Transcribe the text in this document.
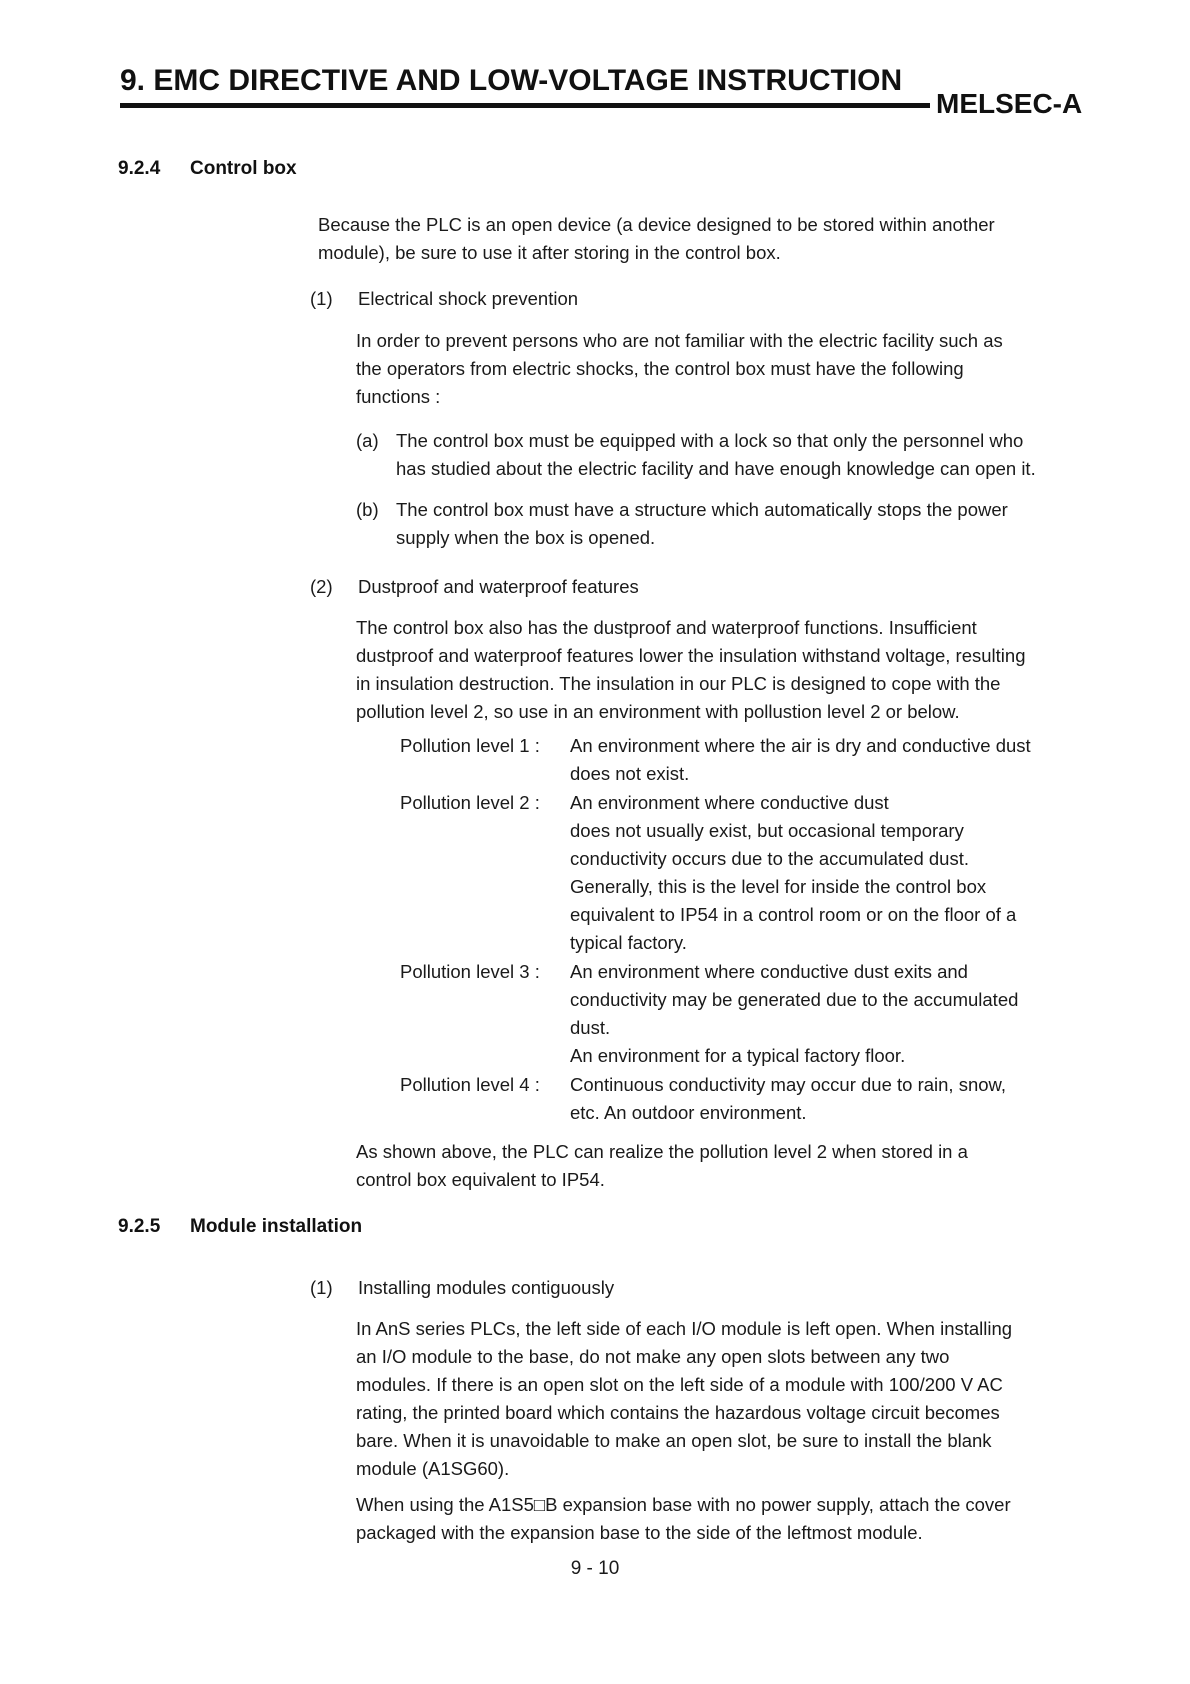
9. EMC DIRECTIVE AND LOW-VOLTAGE INSTRUCTION
MELSEC-A
9.2.4 Control box

Because the PLC is an open device (a device designed to be stored within another

module), be sure to use it after storing in the control box.

(1) Electrical shock prevention

In order to prevent persons who are not familiar with the electric facility such as

the operators from electric shocks, the control box must have the following

functions :

(a) The control box must be equipped with a lock so that only the personnel who
has studied about the electric facility and have enough knowledge can open it.
(b) The control box must have a structure which automatically stops the power
supply when the box is opened.
(2) Dustproof and waterproof features

The control box also has the dustproof and waterproof functions. Insufficient

dustproof and waterproof features lower the insulation withstand voltage, resulting

in insulation destruction. The insulation in our PLC is designed to cope with the

pollution level 2, so use in an environment with pollustion level 2 or below.

Pollution level 1 :	An environment where the air is dry and conductive dust
does not exist.
Pollution level 2 :	An environment where conductive dust
does not usually exist, but occasional temporary
conductivity occurs due to the accumulated dust.
Generally, this is the level for inside the control box
equivalent to IP54 in a control room or on the floor of a
typical factory.
Pollution level 3 :	An environment where conductive dust exits and
conductivity may be generated due to the accumulated
dust.
An environment for a typical factory floor.
Pollution level 4 :	Continuous conductivity may occur due to rain, snow,
etc. An outdoor environment.

As shown above, the PLC can realize the pollution level 2 when stored in a

control box equivalent to IP54.

9.2.5 Module installation
(1) Installing modules contiguously

In AnS series PLCs, the left side of each I/O module is left open. When installing

an I/O module to the base, do not make any open slots between any two

modules. If there is an open slot on the left side of a module with 100/200 V AC

rating, the printed board which contains the hazardous voltage circuit becomes

bare. When it is unavoidable to make an open slot, be sure to install the blank

module (A1SG60).

When using the A1S5□B expansion base with no power supply, attach the cover

packaged with the expansion base to the side of the leftmost module.

9 - 10
